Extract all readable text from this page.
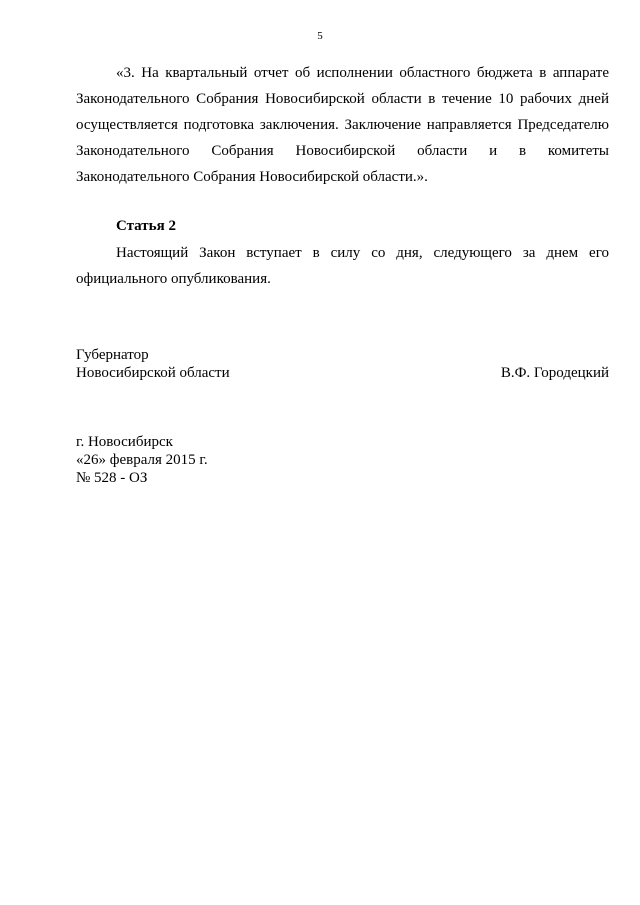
5

«3. На квартальный отчет об исполнении областного бюджета в аппарате Законодательного Собрания Новосибирской области в течение 10 рабочих дней осуществляется подготовка заключения. Заключение направляется Председателю Законодательного Собрания Новосибирской области и в комитеты Законодательного Собрания Новосибирской области.».

Статья 2

Настоящий Закон вступает в силу со дня, следующего за днем его официального опубликования.

Губернатор
Новосибирской области	В.Ф. Городецкий
г. Новосибирск
«26» февраля 2015 г.
№ 528 - ОЗ
